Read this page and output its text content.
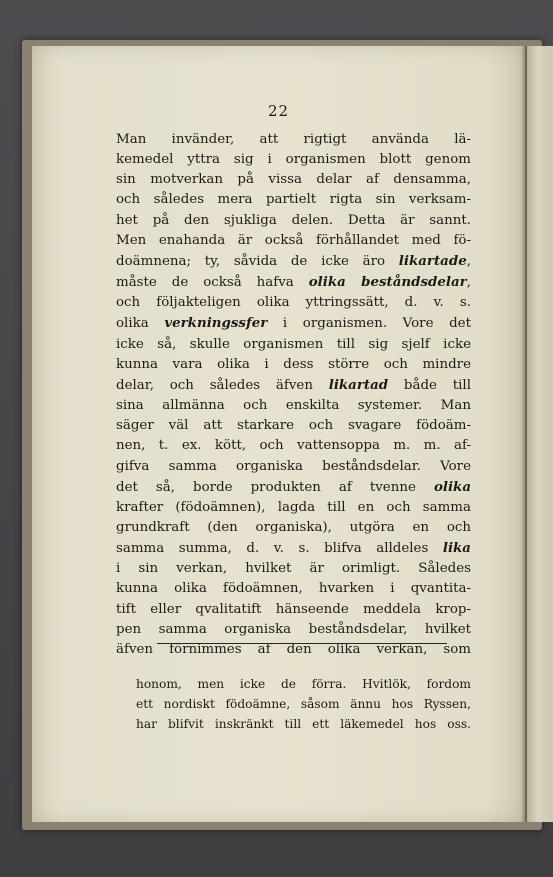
22
Man invänder, att rigtigt använda lä-
kemedel yttra sig i organismen blott genom
sin motverkan på vissa delar af densamma,
och således mera partielt rigta sin verksam-
het på den sjukliga delen. Detta är sannt.
Men enahanda är också förhållandet med fö-
doämnena; ty, såvida de icke äro likartade,
måste de också hafva olika beståndsdelar,
och följakteligen olika yttringssätt, d. v. s.
olika verkningssfer i organismen. Vore det
icke så, skulle organismen till sig sjelf icke
kunna vara olika i dess större och mindre
delar, och således äfven likartad både till
sina allmänna och enskilta systemer. Man
säger väl att starkare och svagare födoäm-
nen, t. ex. kött, och vattensoppa m. m. af-
gifva samma organiska beståndsdelar. Vore
det så, borde produkten af tvenne olika
krafter (födoämnen), lagda till en och samma
grundkraft (den organiska), utgöra en och
samma summa, d. v. s. blifva alldeles lika
i sin verkan, hvilket är orimligt. Således
kunna olika födoämnen, hvarken i qvantita-
tift eller qvalitatift hänseende meddela krop-
pen samma organiska beståndsdelar, hvilket
äfven förnimmes af den olika verkan, som
honom, men icke de förra. Hvitlök, fordom
ett nordiskt födoämne, såsom ännu hos Ryssen,
har blifvit inskränkt till ett läkemedel hos oss.
